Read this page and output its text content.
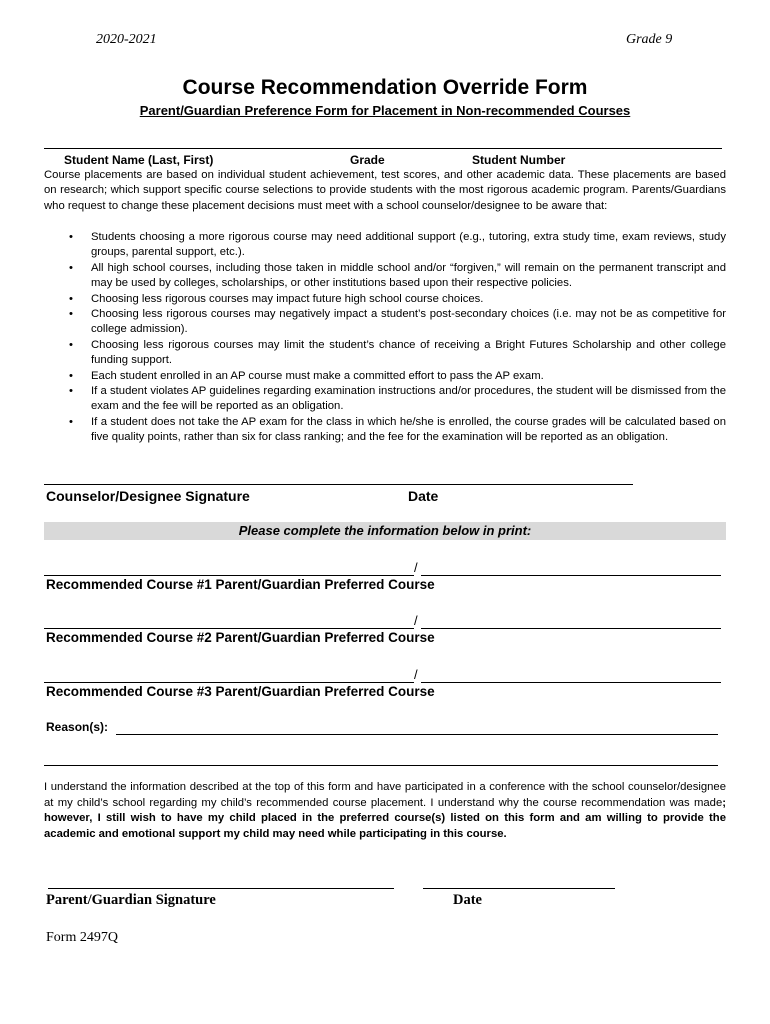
2020-2021	Grade 9
Course Recommendation Override Form
Parent/Guardian Preference Form for Placement in Non-recommended Courses
Student Name (Last, First)	Grade	Student Number
Course placements are based on individual student achievement, test scores, and other academic data. These placements are based on research; which support specific course selections to provide students with the most rigorous academic program. Parents/Guardians who request to change these placement decisions must meet with a school counselor/designee to be aware that:
• Students choosing a more rigorous course may need additional support (e.g., tutoring, extra study time, exam reviews, study groups, parental support, etc.).
• All high school courses, including those taken in middle school and/or “forgiven,” will remain on the permanent transcript and may be used by colleges, scholarships, or other institutions based upon their respective policies.
• Choosing less rigorous courses may impact future high school course choices.
• Choosing less rigorous courses may negatively impact a student’s post-secondary choices (i.e. may not be as competitive for college admission).
• Choosing less rigorous courses may limit the student’s chance of receiving a Bright Futures Scholarship and other college funding support.
• Each student enrolled in an AP course must make a committed effort to pass the AP exam.
• If a student violates AP guidelines regarding examination instructions and/or procedures, the student will be dismissed from the exam and the fee will be reported as an obligation.
• If a student does not take the AP exam for the class in which he/she is enrolled, the course grades will be calculated based on five quality points, rather than six for class ranking; and the fee for the examination will be reported as an obligation.
Counselor/Designee Signature	Date
Please complete the information below in print:
/
Recommended Course #1 Parent/Guardian Preferred Course
/
Recommended Course #2 Parent/Guardian Preferred Course
/
Recommended Course #3 Parent/Guardian Preferred Course
Reason(s):
I understand the information described at the top of this form and have participated in a conference with the school counselor/designee at my child’s school regarding my child’s recommended course placement. I understand why the course recommendation was made; however, I still wish to have my child placed in the preferred course(s) listed on this form and am willing to provide the academic and emotional support my child may need while participating in this course.
Parent/Guardian Signature	Date
Form 2497Q
